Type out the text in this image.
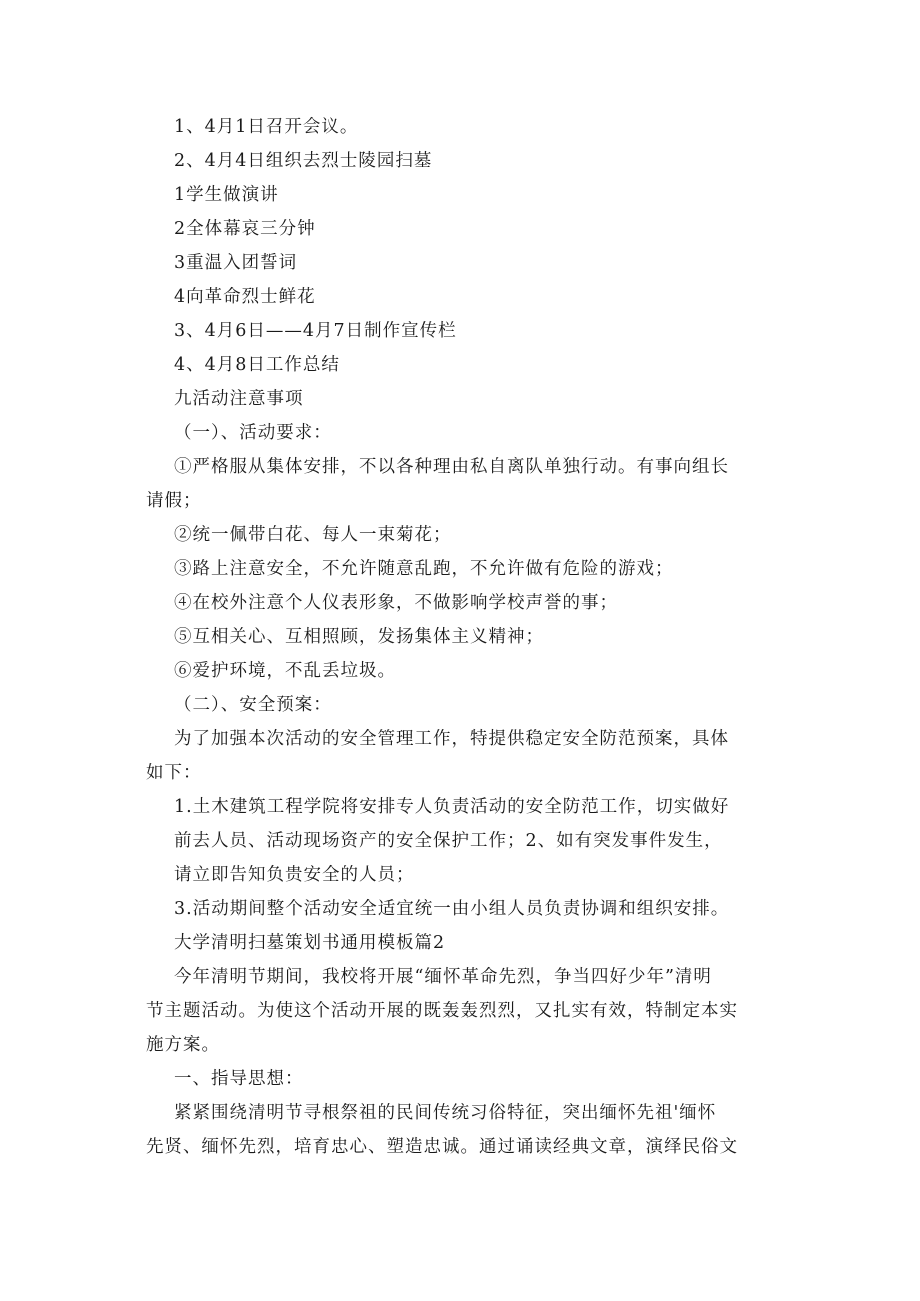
1、4月1日召开会议。
2、4月4日组织去烈士陵园扫墓
1学生做演讲
2全体幕哀三分钟
3重温入团誓词
4向革命烈士鲜花
3、4月6日——4月7日制作宣传栏
4、4月8日工作总结
九活动注意事项
（一）、活动要求：
①严格服从集体安排，不以各种理由私自离队单独行动。有事向组长
请假；
②统一佩带白花、每人一束菊花；
③路上注意安全，不允许随意乱跑，不允许做有危险的游戏；
④在校外注意个人仪表形象，不做影响学校声誉的事；
⑤互相关心、互相照顾，发扬集体主义精神；
⑥爱护环境，不乱丢垃圾。
（二）、安全预案：
为了加强本次活动的安全管理工作，特提供稳定安全防范预案，具体
如下：
1.土木建筑工程学院将安排专人负责活动的安全防范工作，切实做好
前去人员、活动现场资产的安全保护工作；2、如有突发事件发生，
请立即告知负贵安全的人员；
3.活动期间整个活动安全适宜统一由小组人员负责协调和组织安排。
大学清明扫墓策划书通用模板篇2
今年清明节期间，我校将开展“缅怀革命先烈，争当四好少年”清明
节主题活动。为使这个活动开展的既轰轰烈烈，又扎实有效，特制定本实
施方案。
一、指导思想：
紧紧围绕清明节寻根祭祖的民间传统习俗特征，突出缅怀先祖'缅怀
先贤、缅怀先烈，培育忠心、塑造忠诚。通过诵读经典文章，演绎民俗文
